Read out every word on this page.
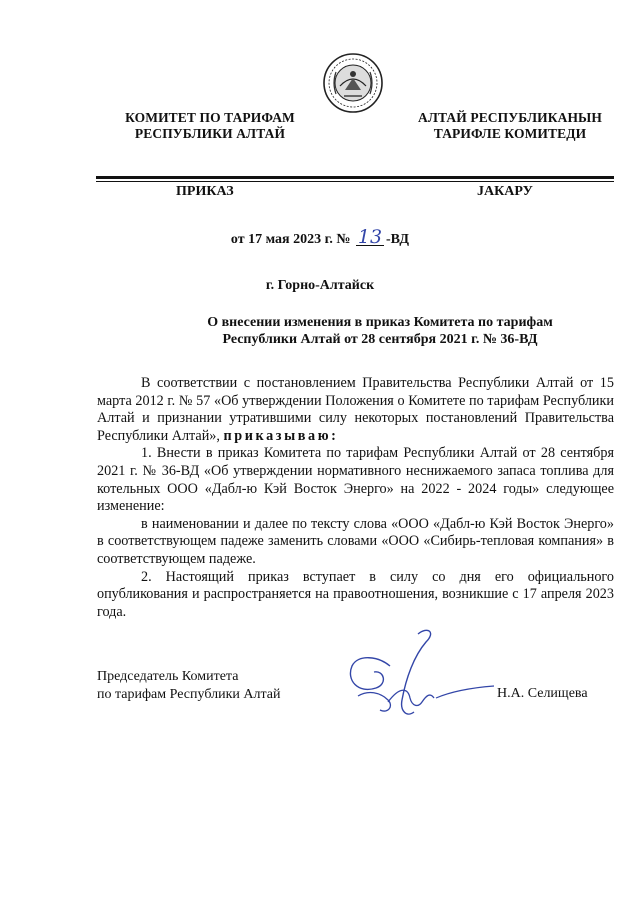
КОМИТЕТ ПО ТАРИФАМ
РЕСПУБЛИКИ АЛТАЙ
АЛТАЙ РЕСПУБЛИКАНЫН
ТАРИФЛЕ КОМИТЕДИ
ПРИКАЗ	ЈАКАРУ
от 17 мая 2023 г. № 13 -ВД
г. Горно-Алтайск
О внесении изменения в приказ Комитета по тарифам
Республики Алтай от 28 сентября 2021 г. № 36-ВД

В соответствии с постановлением Правительства Республики Алтай от 15 марта 2012 г. № 57 «Об утверждении Положения о Комитете по тарифам Республики Алтай и признании утратившими силу некоторых постановлений Правительства Республики Алтай», приказываю:

1. Внести в приказ Комитета по тарифам Республики Алтай от 28 сентября 2021 г. № 36-ВД «Об утверждении нормативного неснижаемого запаса топлива для котельных ООО «Дабл-ю Кэй Восток Энерго» на 2022 - 2024 годы» следующее изменение:

в наименовании и далее по тексту слова «ООО «Дабл-ю Кэй Восток Энерго» в соответствующем падеже заменить словами «ООО «Сибирь-тепловая компания» в соответствующем падеже.

2. Настоящий приказ вступает в силу со дня его официального опубликования и распространяется на правоотношения, возникшие с 17 апреля 2023 года.

Председатель Комитета
по тарифам Республики Алтай	Н.А. Селищева
